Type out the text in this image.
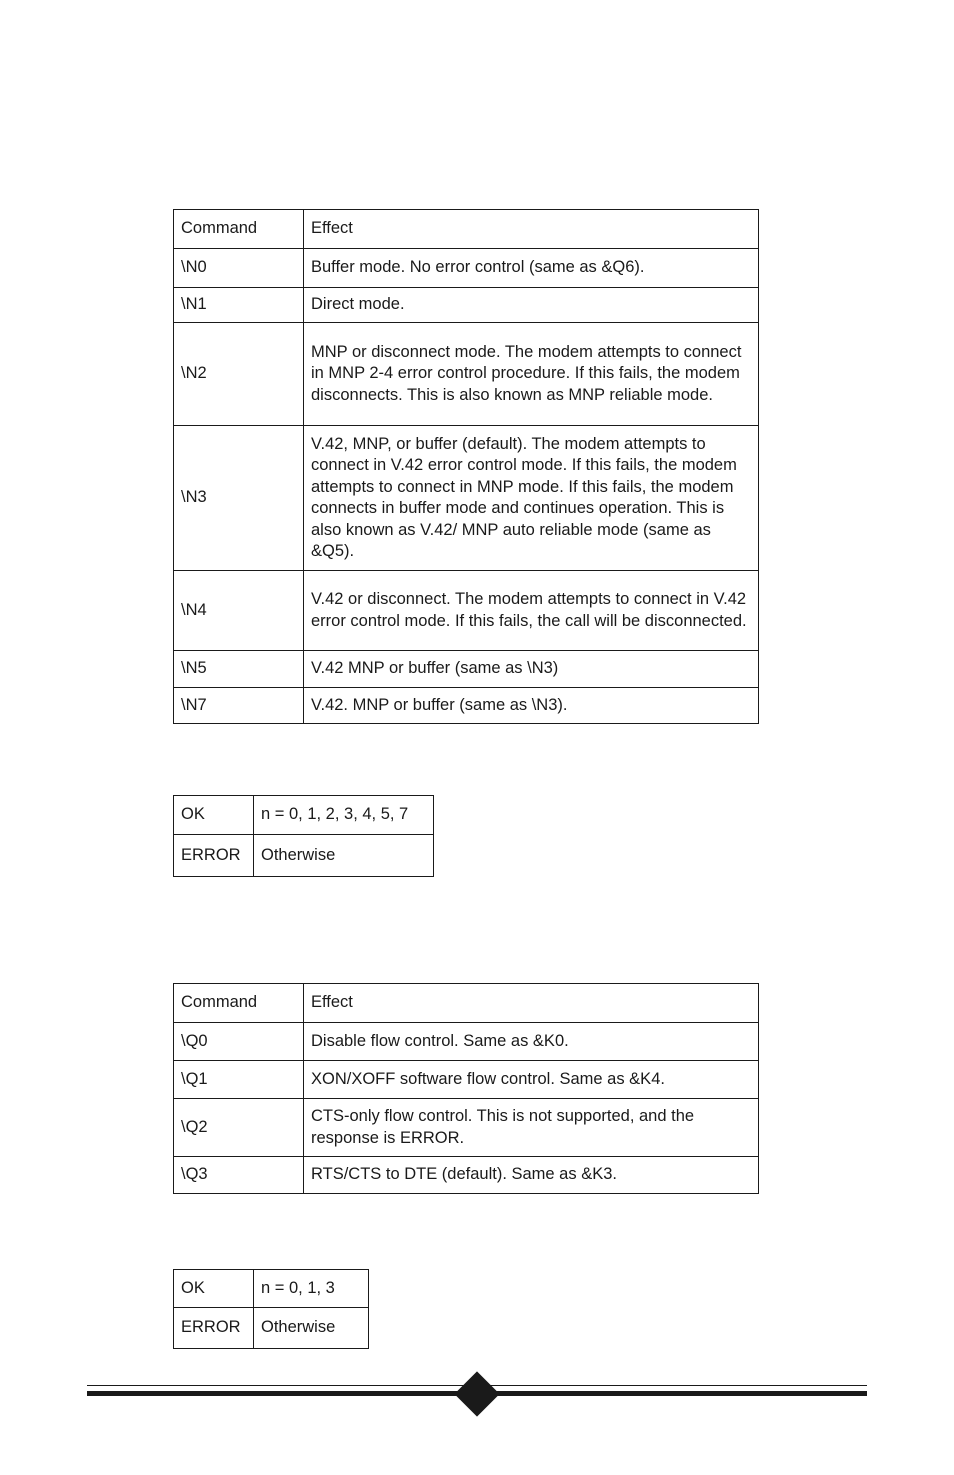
Command	Effect
\N0	Buffer mode. No error control (same as &Q6).
\N1	Direct mode.
\N2	MNP or disconnect mode. The modem attempts to connect in MNP 2-4 error control procedure. If this fails, the modem disconnects. This is also known as MNP reliable mode.
\N3	V.42, MNP, or buffer (default). The modem attempts to connect in V.42 error control mode. If this fails, the modem attempts to connect in MNP mode. If this fails, the modem connects in buffer mode and continues operation. This is also known as V.42/ MNP auto reliable mode (same as &Q5).
\N4	V.42 or disconnect. The modem attempts to connect in V.42 error control mode. If this fails, the call will be disconnected.
\N5	V.42 MNP or buffer (same as \N3)
\N7	V.42. MNP or buffer (same as \N3).
OK	n = 0, 1, 2, 3, 4, 5, 7
ERROR	Otherwise
Command	Effect
\Q0	Disable flow control. Same as &K0.
\Q1	XON/XOFF software flow control. Same as &K4.
\Q2	CTS-only flow control. This is not supported, and the response is ERROR.
\Q3	RTS/CTS to DTE (default). Same as &K3.
OK	n = 0, 1, 3
ERROR	Otherwise
